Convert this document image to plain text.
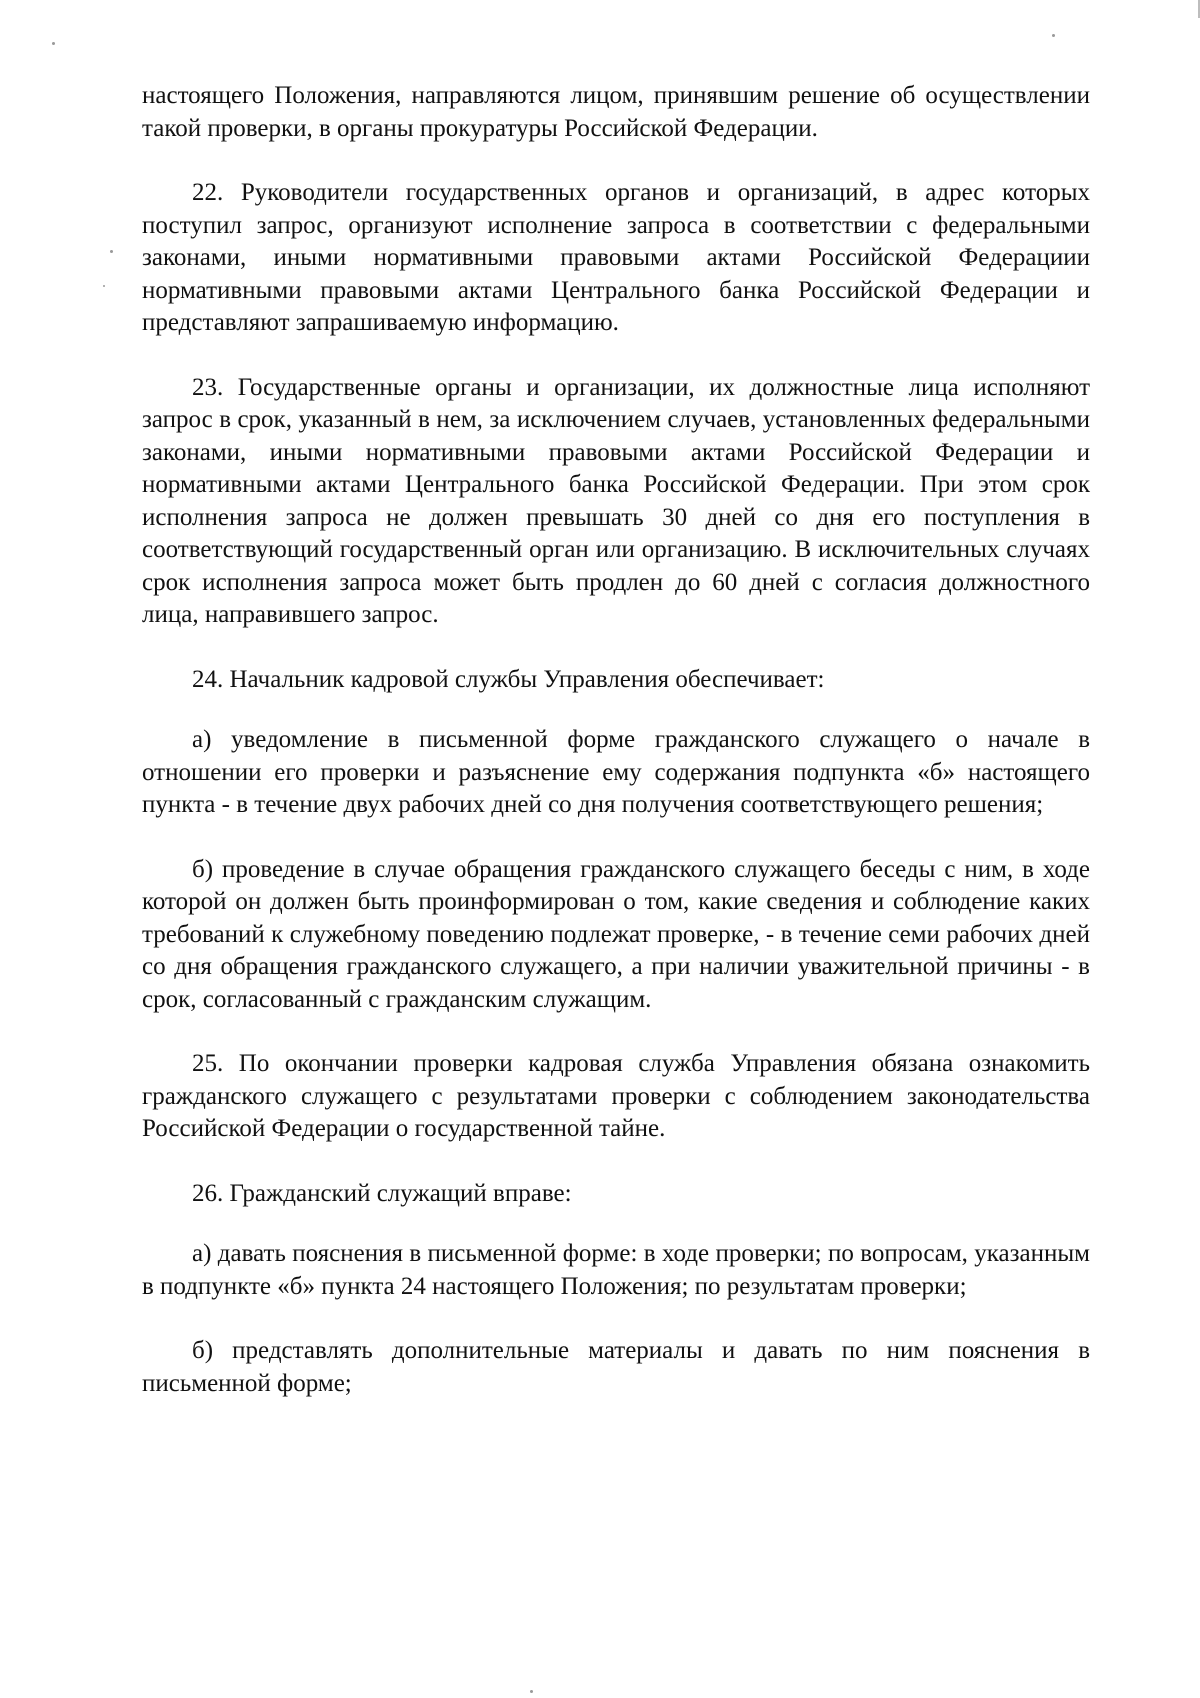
настоящего Положения, направляются лицом, принявшим решение об осуществлении такой проверки, в органы прокуратуры Российской Федерации.

22. Руководители государственных органов и организаций, в адрес которых поступил запрос, организуют исполнение запроса в соответствии с федеральными законами, иными нормативными правовыми актами Российской Федерациии нормативными правовыми актами Центрального банка Российской Федерации и представляют запрашиваемую информацию.

23. Государственные органы и организации, их должностные лица исполняют запрос в срок, указанный в нем, за исключением случаев, установленных федеральными законами, иными нормативными правовыми актами Российской Федерации и нормативными актами Центрального банка Российской Федерации. При этом срок исполнения запроса не должен превышать 30 дней со дня его поступления в соответствующий государственный орган или организацию. В исключительных случаях срок исполнения запроса может быть продлен до 60 дней с согласия должностного лица, направившего запрос.

24. Начальник кадровой службы Управления обеспечивает:

а) уведомление в письменной форме гражданского служащего о начале в отношении его проверки и разъяснение ему содержания подпункта «б» настоящего пункта - в течение двух рабочих дней со дня получения соответствующего решения;

б) проведение в случае обращения гражданского служащего беседы с ним, в ходе которой он должен быть проинформирован о том, какие сведения и соблюдение каких требований к служебному поведению подлежат проверке, - в течение семи рабочих дней со дня обращения гражданского служащего, а при наличии уважительной причины - в срок, согласованный с гражданским служащим.

25. По окончании проверки кадровая служба Управления обязана ознакомить гражданского служащего с результатами проверки с соблюдением законодательства Российской Федерации о государственной тайне.

26. Гражданский служащий вправе:

а) давать пояснения в письменной форме: в ходе проверки; по вопросам, указанным в подпункте «б» пункта 24 настоящего Положения; по результатам проверки;

б) представлять дополнительные материалы и давать по ним пояснения в письменной форме;
